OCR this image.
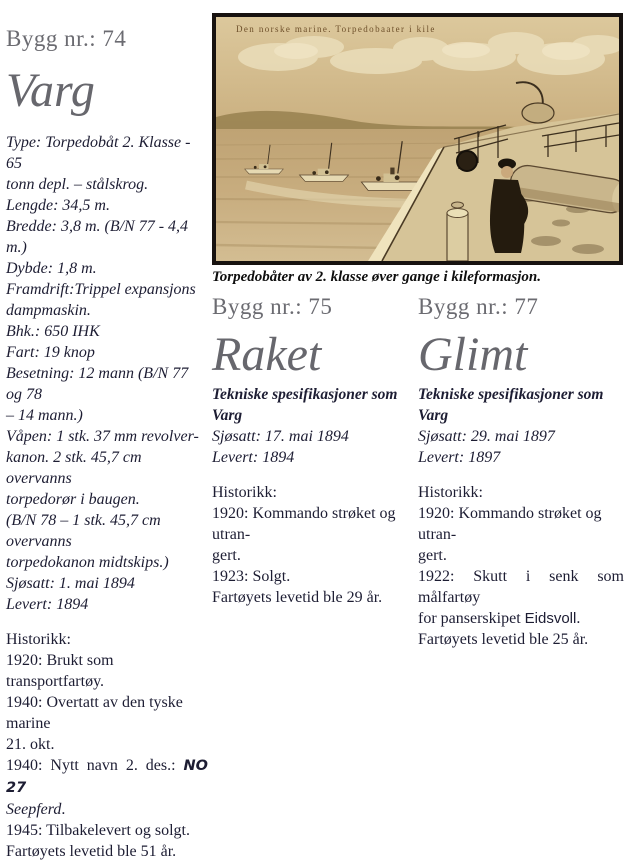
Bygg nr.: 74
Varg
Type: Torpedobåt 2. Klasse - 65
tonn depl. – stålskrog.
Lengde: 34,5 m.
Bredde: 3,8 m. (B/N 77 - 4,4 m.)
Dybde: 1,8 m.
Framdrift:Trippel expansjons
dampmaskin.
Bhk.: 650 IHK
Fart: 19 knop
Besetning: 12 mann (B/N 77 og 78
– 14 mann.)
Våpen: 1 stk. 37 mm revolver-
kanon. 2 stk. 45,7 cm overvanns
torpedorør i baugen.
(B/N 78 – 1 stk. 45,7 cm overvanns
torpedokanon midtskips.)
Sjøsatt: 1. mai 1894
Levert: 1894
Historikk:
1920: Brukt som transportfartøy.
1940: Overtatt av den tyske marine
21. okt.
1940: Nytt navn 2. des.: NO 27
Seepferd.
1945: Tilbakelevert og solgt.
Fartøyets levetid ble 51 år.
Den norske marine. Torpedobaater i kile
Torpedobåter av 2. klasse øver gange i kileformasjon.
Bygg nr.: 75
Raket
Tekniske spesifikasjoner som Varg
Sjøsatt: 17. mai 1894
Levert: 1894
Historikk:
1920: Kommando strøket og utran-
gert.
1923: Solgt.
Fartøyets levetid ble 29 år.
Bygg nr.: 77
Glimt
Tekniske spesifikasjoner som Varg
Sjøsatt: 29. mai 1897
Levert: 1897
Historikk:
1920: Kommando strøket og utran-
gert.
1922: Skutt i senk som målfartøy
for panserskipet Eidsvoll.
Fartøyets levetid ble 25 år.
